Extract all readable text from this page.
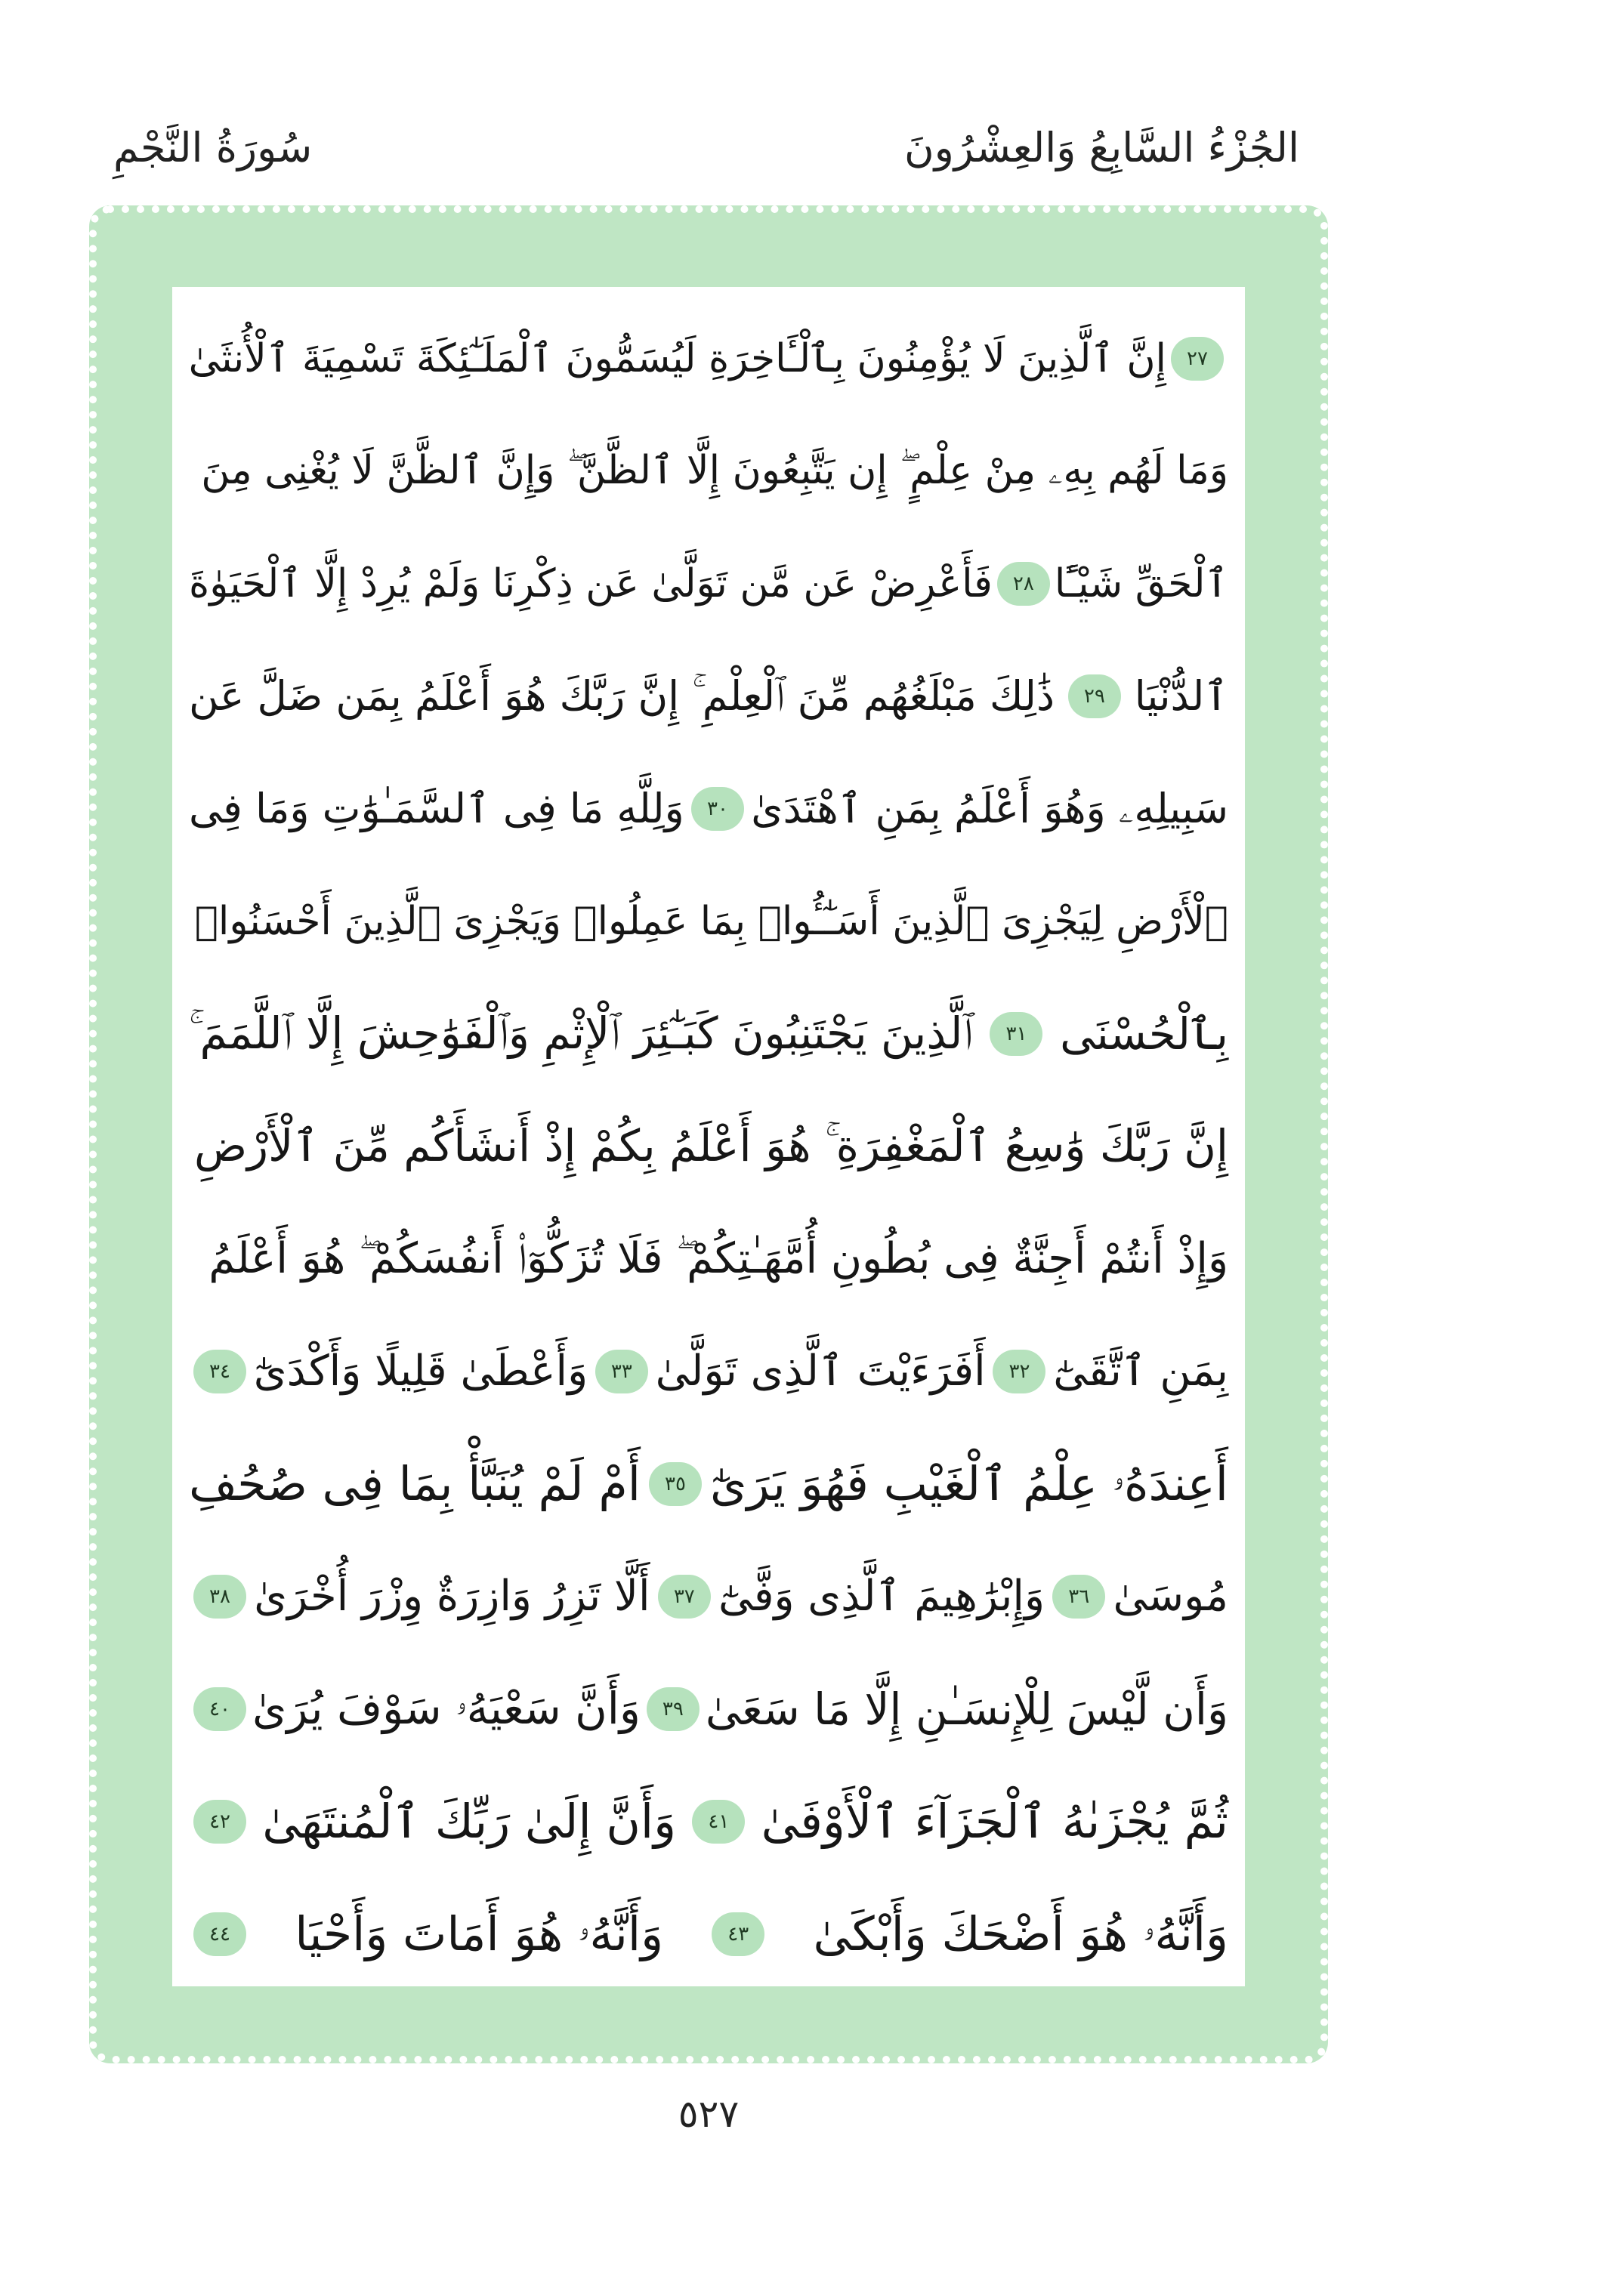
الجُزْءُ السَّابِعُ وَالعِشْرُونَ
سُورَةُ النَّجْمِ
٢٧
إِنَّ ٱلَّذِينَ لَا يُؤْمِنُونَ بِٱلْـَٔاخِرَةِ لَيُسَمُّونَ ٱلْمَلَـٰٓئِكَةَ تَسْمِيَةَ ٱلْأُنثَىٰ
وَمَا لَهُم بِهِۦ مِنْ عِلْمٍ ۖ إِن يَتَّبِعُونَ إِلَّا ٱلظَّنَّ ۖ وَإِنَّ ٱلظَّنَّ لَا يُغْنِى مِنَ
ٱلْحَقِّ شَيْـًٔا
٢٨
فَأَعْرِضْ عَن مَّن تَوَلَّىٰ عَن ذِكْرِنَا وَلَمْ يُرِدْ إِلَّا ٱلْحَيَوٰةَ
ٱلدُّنْيَا
٢٩
ذَٰلِكَ مَبْلَغُهُم مِّنَ ٱلْعِلْمِ ۚ إِنَّ رَبَّكَ هُوَ أَعْلَمُ بِمَن ضَلَّ عَن
سَبِيلِهِۦ وَهُوَ أَعْلَمُ بِمَنِ ٱهْتَدَىٰ
٣٠
وَلِلَّهِ مَا فِى ٱلسَّمَـٰوَٰتِ وَمَا فِى
ٱلْأَرْضِ لِيَجْزِىَ ٱلَّذِينَ أَسَـٰٓـُٔوا۟ بِمَا عَمِلُوا۟ وَيَجْزِىَ ٱلَّذِينَ أَحْسَنُوا۟
بِٱلْحُسْنَى
٣١
ٱلَّذِينَ يَجْتَنِبُونَ كَبَـٰٓئِرَ ٱلْإِثْمِ وَٱلْفَوَٰحِشَ إِلَّا ٱللَّمَمَ ۚ
إِنَّ رَبَّكَ وَٰسِعُ ٱلْمَغْفِرَةِ ۚ هُوَ أَعْلَمُ بِكُمْ إِذْ أَنشَأَكُم مِّنَ ٱلْأَرْضِ
وَإِذْ أَنتُمْ أَجِنَّةٌ فِى بُطُونِ أُمَّهَـٰتِكُمْ ۖ فَلَا تُزَكُّوٓا۟ أَنفُسَكُمْ ۖ هُوَ أَعْلَمُ
بِمَنِ ٱتَّقَىٰٓ
٣٢
أَفَرَءَيْتَ ٱلَّذِى تَوَلَّىٰ
٣٣
وَأَعْطَىٰ قَلِيلًا وَأَكْدَىٰٓ
٣٤
أَعِندَهُۥ عِلْمُ ٱلْغَيْبِ فَهُوَ يَرَىٰٓ
٣٥
أَمْ لَمْ يُنَبَّأْ بِمَا فِى صُحُفِ
مُوسَىٰ
٣٦
وَإِبْرَٰهِيمَ ٱلَّذِى وَفَّىٰٓ
٣٧
أَلَّا تَزِرُ وَازِرَةٌ وِزْرَ أُخْرَىٰ
٣٨
وَأَن لَّيْسَ لِلْإِنسَـٰنِ إِلَّا مَا سَعَىٰ
٣٩
وَأَنَّ سَعْيَهُۥ سَوْفَ يُرَىٰ
٤٠
ثُمَّ يُجْزَىٰهُ ٱلْجَزَآءَ ٱلْأَوْفَىٰ
٤١
وَأَنَّ إِلَىٰ رَبِّكَ ٱلْمُنتَهَىٰ
٤٢
وَأَنَّهُۥ هُوَ أَضْحَكَ وَأَبْكَىٰ
٤٣
وَأَنَّهُۥ هُوَ أَمَاتَ وَأَحْيَا
٤٤
٥٢٧
